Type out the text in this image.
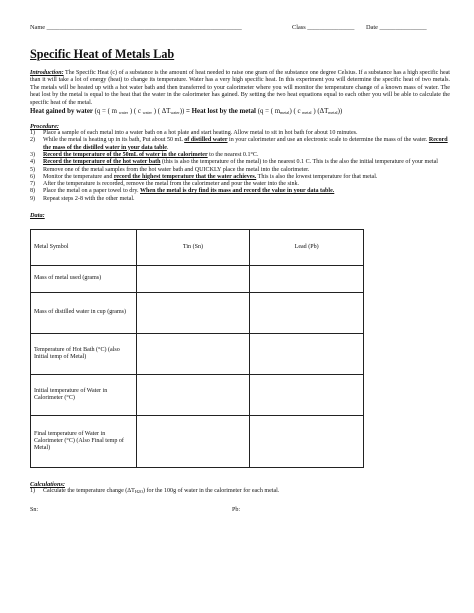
Name ______________________________________________________________	Class _______________ Date _______________
Specific Heat of Metals Lab
Introduction: The Specific Heat (c) of a substance is the amount of heat needed to raise one gram of the substance one degree Celsius. If a substance has a high specific heat than it will take a lot of energy (heat) to change its temperature. Water has a very high specific heat. In this experiment you will determine the specific heat of two metals. The metals will be heated up with a hot water bath and then transferred to your calorimeter where you will monitor the temperature change of a known mass of water. The heat lost by the metal is equal to the heat that the water in the calorimeter has gained. By setting the two heat equations equal to each other you will be able to calculate the specific heat of the metal.
Heat gained by water (q = ( m $_{water}$ ) ( c $_{water}$ ) ( $\Delta T_{water}$)) = Heat lost by the metal (q = ( $m_{metal}$) ( c $_{metal}$ ) $(\Delta T_{metal})$)
Procedure:
1)	Place a sample of each metal into a water bath on a hot plate and start heating. Allow metal to sit in hot bath for about 10 minutes.
2)	While the metal is heating up in its bath, Put about 50 mL of distilled water in your calorimeter and use an electronic scale to determine the mass of the water. Record the mass of the distilled water in your data table.
3)	Record the temperature of the 50mL of water in the calorimeter to the nearest 0.1°C.
4)	Record the temperature of the hot water bath (this is also the temperature of the metal) to the nearest 0.1 C. This is the also the initial temperature of your metal
5)	Remove one of the metal samples from the hot water bath and QUICKLY place the metal into the calorimeter.
6)	Monitor the temperature and record the highest temperature that the water achieves. This is also the lowest temperature for that metal.
7)	After the temperature is recorded, remove the metal from the calorimeter and pour the water into the sink.
8)	Place the metal on a paper towel to dry. When the metal is dry find its mass and record the value in your data table.
9)	Repeat steps 2-8 with the other metal.
Data:
Metal Symbol	Tin (Sn)	Lead (Pb)
Mass of metal used (grams)		
Mass of distilled water in cup (grams)		
Temperature of Hot Bath (°C) (also Initial temp of Metal)		
Initial temperature of Water in Calorimeter (°C)		
Final temperature of Water in Calorimeter (°C) (Also Final temp of Metal)		
Calculations:
1)	Calculate the temperature change (ΔTH2O) for the 100g of water in the calorimeter for each metal.
Sn:	Pb:
